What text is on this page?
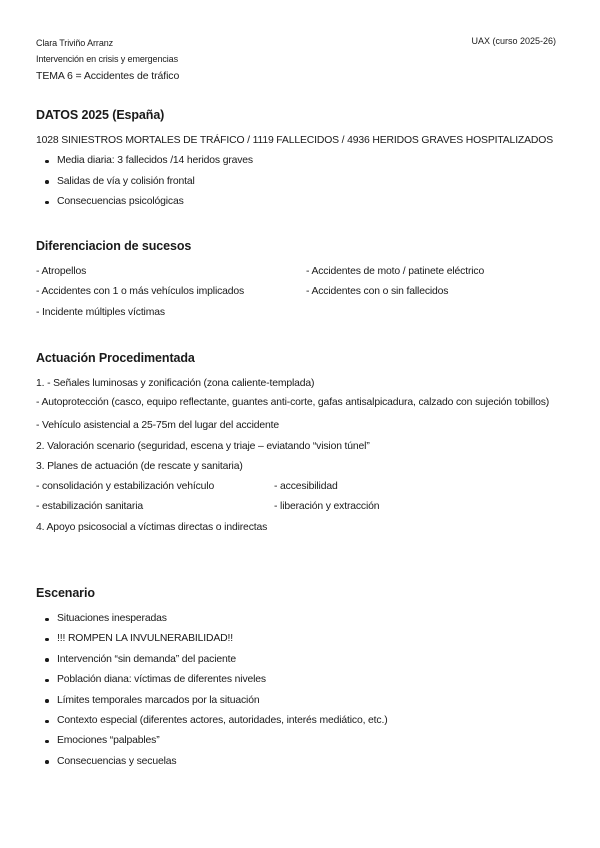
Clara Triviño Arranz
Intervención en crisis y emergencias
TEMA 6 = Accidentes de tráfico
UAX (curso 2025-26)
DATOS 2025 (España)
1028 SINIESTROS MORTALES DE TRÁFICO / 1119 FALLECIDOS / 4936 HERIDOS GRAVES HOSPITALIZADOS
Media diaria: 3 fallecidos /14 heridos graves
Salidas de vía y colisión frontal
Consecuencias psicológicas
Diferenciacion de sucesos
- Atropellos	- Accidentes de moto / patinete eléctrico
- Accidentes con 1 o más vehículos implicados	- Accidentes con o sin fallecidos
- Incidente múltiples víctimas
Actuación Procedimentada
1. - Señales luminosas y zonificación (zona caliente-templada)
- Autoprotección (casco, equipo reflectante, guantes anti-corte, gafas antisalpicadura, calzado con sujeción tobillos)
- Vehículo asistencial a 25-75m del lugar del accidente
2. Valoración scenario (seguridad, escena y triaje – eviatando “vision túnel”
3. Planes de actuación (de rescate y sanitaria)
- consolidación y estabilización vehículo	- accesibilidad
- estabilización sanitaria	- liberación y extracción
4. Apoyo psicosocial a víctimas directas o indirectas
Escenario
Situaciones inesperadas
!!! ROMPEN LA INVULNERABILIDAD!!
Intervención “sin demanda” del paciente
Población diana: víctimas de diferentes niveles
Límites temporales marcados por la situación
Contexto especial (diferentes actores, autoridades, interés mediático, etc.)
Emociones “palpables”
Consecuencias y secuelas
